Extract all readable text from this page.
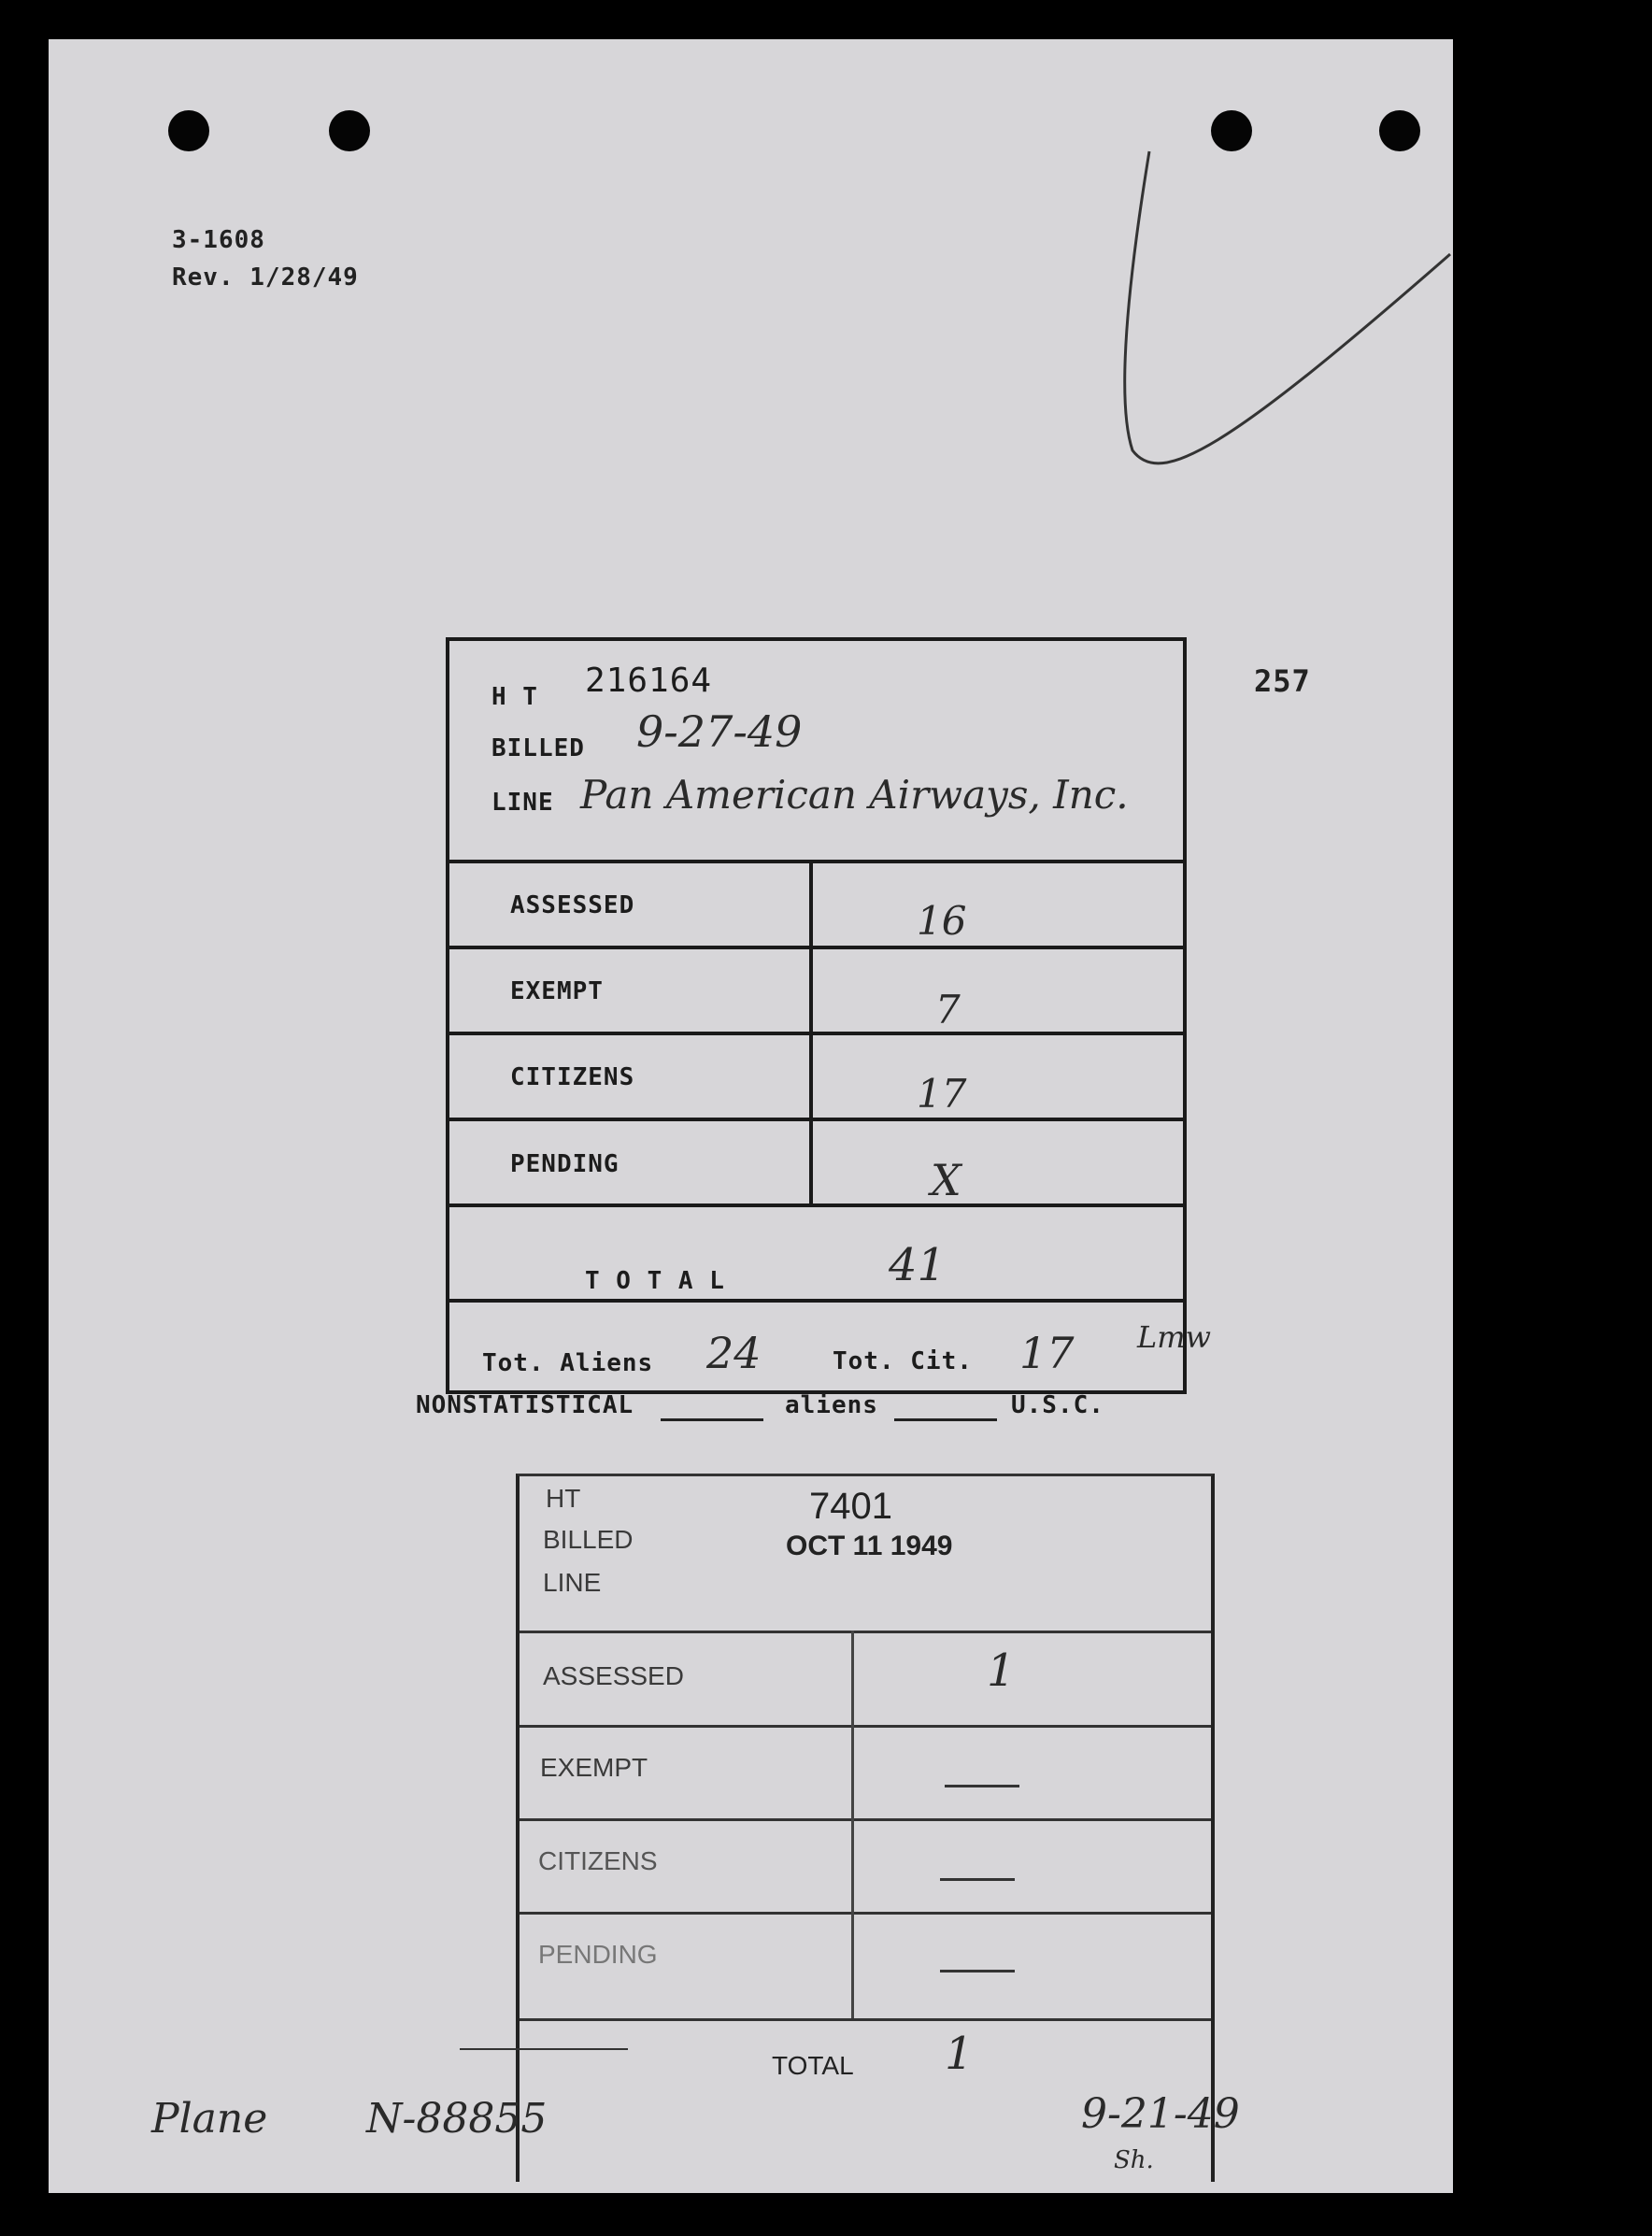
3-1608
Rev. 1/28/49
257
H T 216164
BILLED 9-27-49
LINE Pan American Airways, Inc.
ASSESSED	16
EXEMPT	7
CITIZENS	17
PENDING	X
T O T A L	41
Tot. Aliens 24	Tot. Cit. 17 Lmw
NONSTATISTICAL	aliens	U.S.C.
HT	7401
BILLED	OCT 11 1949
LINE
ASSESSED	1
EXEMPT
CITIZENS
PENDING
TOTAL 1
Plane N-88855	9-21-49
Sh.
